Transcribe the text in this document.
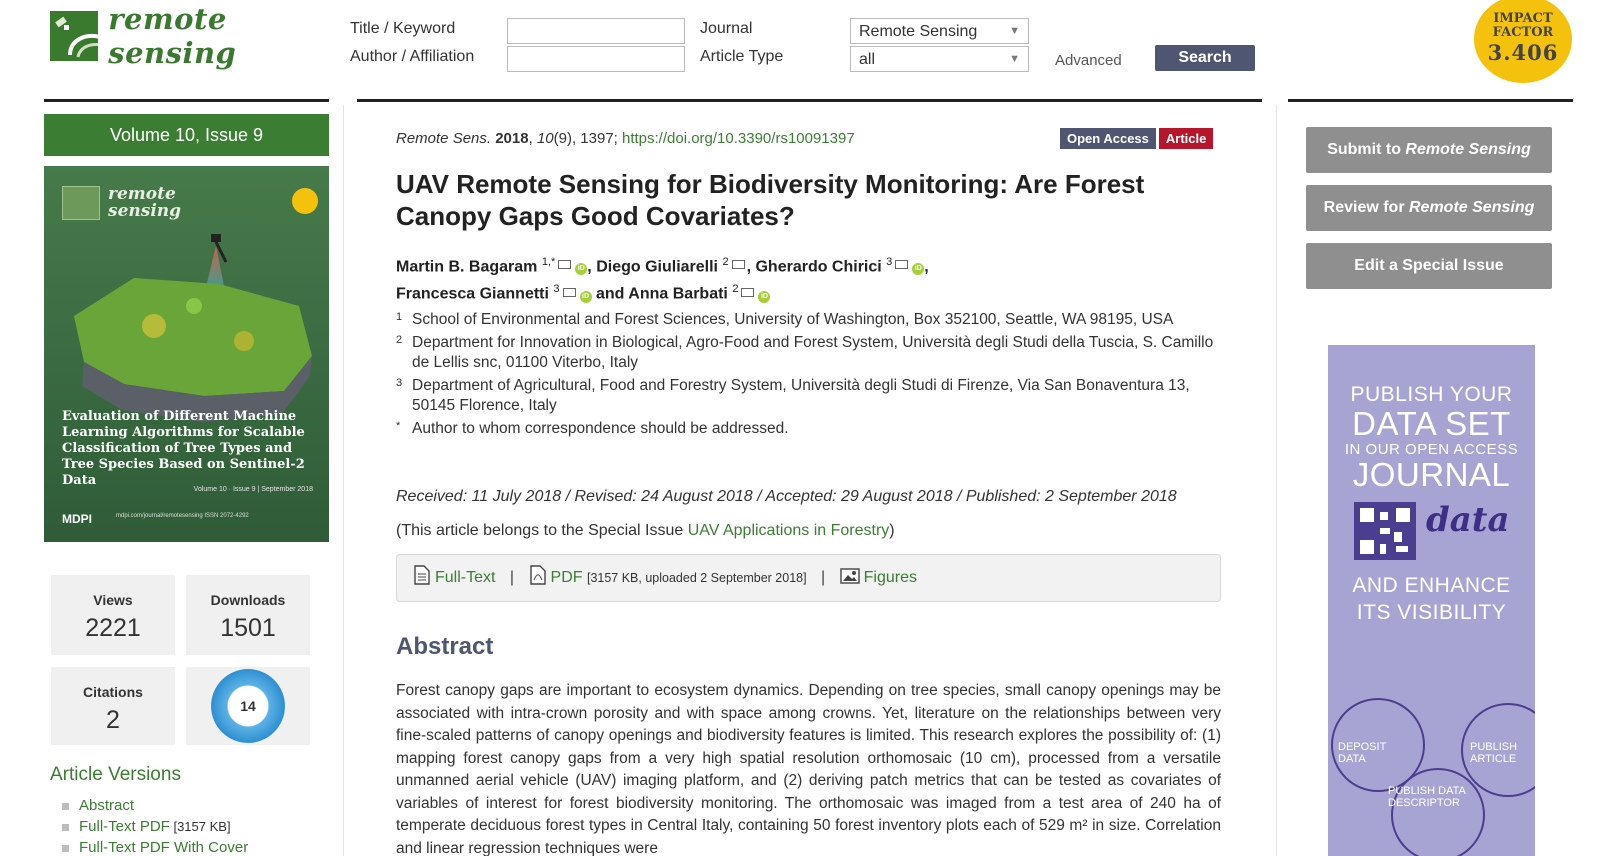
remote sensing
Title / Keyword
Author / Affiliation
Journal
Article Type
Remote Sensing	▼
all	▼ Advanced	Search
IMPACT
FACTOR
3.406
Volume 10, Issue 9
remote
sensing
Evaluation of Different Machine Learning Algorithms for Scalable Classification of Tree Types and Tree Species Based on Sentinel-2 Data
Volume 10 · Issue 9 | September 2018
MDPI	mdpi.com/journal/remotesensing ISSN 2072-4292
Views
2221
Downloads
1501
Citations
2	14
Article Versions
Abstract
Full-Text PDF [3157 KB]
Full-Text PDF With Cover
Remote Sens. 2018, 10(9), 1397; https://doi.org/10.3390/rs10091397	Open Access Article
UAV Remote Sensing for Biodiversity Monitoring: Are Forest Canopy Gaps Good Covariates?
Martin B. Bagaram $^{1,*}$iD , Diego Giuliarelli $^2$ , Gherardo Chirici $^3$iD ,
Francesca Giannetti $^3$iD and Anna Barbati $^2$iD
1 School of Environmental and Forest Sciences, University of Washington, Box 352100, Seattle, WA 98195, USA
2 Department for Innovation in Biological, Agro-Food and Forest System, Università degli Studi della Tuscia, S. Camillo de Lellis snc, 01100 Viterbo, Italy
3 Department of Agricultural, Food and Forestry System, Università degli Studi di Firenze, Via San Bonaventura 13, 50145 Florence, Italy
* Author to whom correspondence should be addressed.
Received: 11 July 2018 / Revised: 24 August 2018 / Accepted: 29 August 2018 / Published: 2 September 2018
(This article belongs to the Special Issue UAV Applications in Forestry)
Full-Text | PDF [3157 KB, uploaded 2 September 2018] | Figures
Abstract
Forest canopy gaps are important to ecosystem dynamics. Depending on tree species, small canopy openings may be associated with intra-crown porosity and with space among crowns. Yet, literature on the relationships between very fine-scaled patterns of canopy openings and biodiversity features is limited. This research explores the possibility of: (1) mapping forest canopy gaps from a very high spatial resolution orthomosaic (10 cm), processed from a versatile unmanned aerial vehicle (UAV) imaging platform, and (2) deriving patch metrics that can be tested as covariates of variables of interest for forest biodiversity monitoring. The orthomosaic was imaged from a test area of 240 ha of temperate deciduous forest types in Central Italy, containing 50 forest inventory plots each of 529 m² in size. Correlation and linear regression techniques were
Submit to Remote Sensing
Review for Remote Sensing
Edit a Special Issue
PUBLISH YOUR
DATA SET
IN OUR OPEN ACCESS
JOURNAL
data
AND ENHANCE
ITS VISIBILITY
DEPOSIT DATA
PUBLISH ARTICLE
PUBLISH DATA DESCRIPTOR
